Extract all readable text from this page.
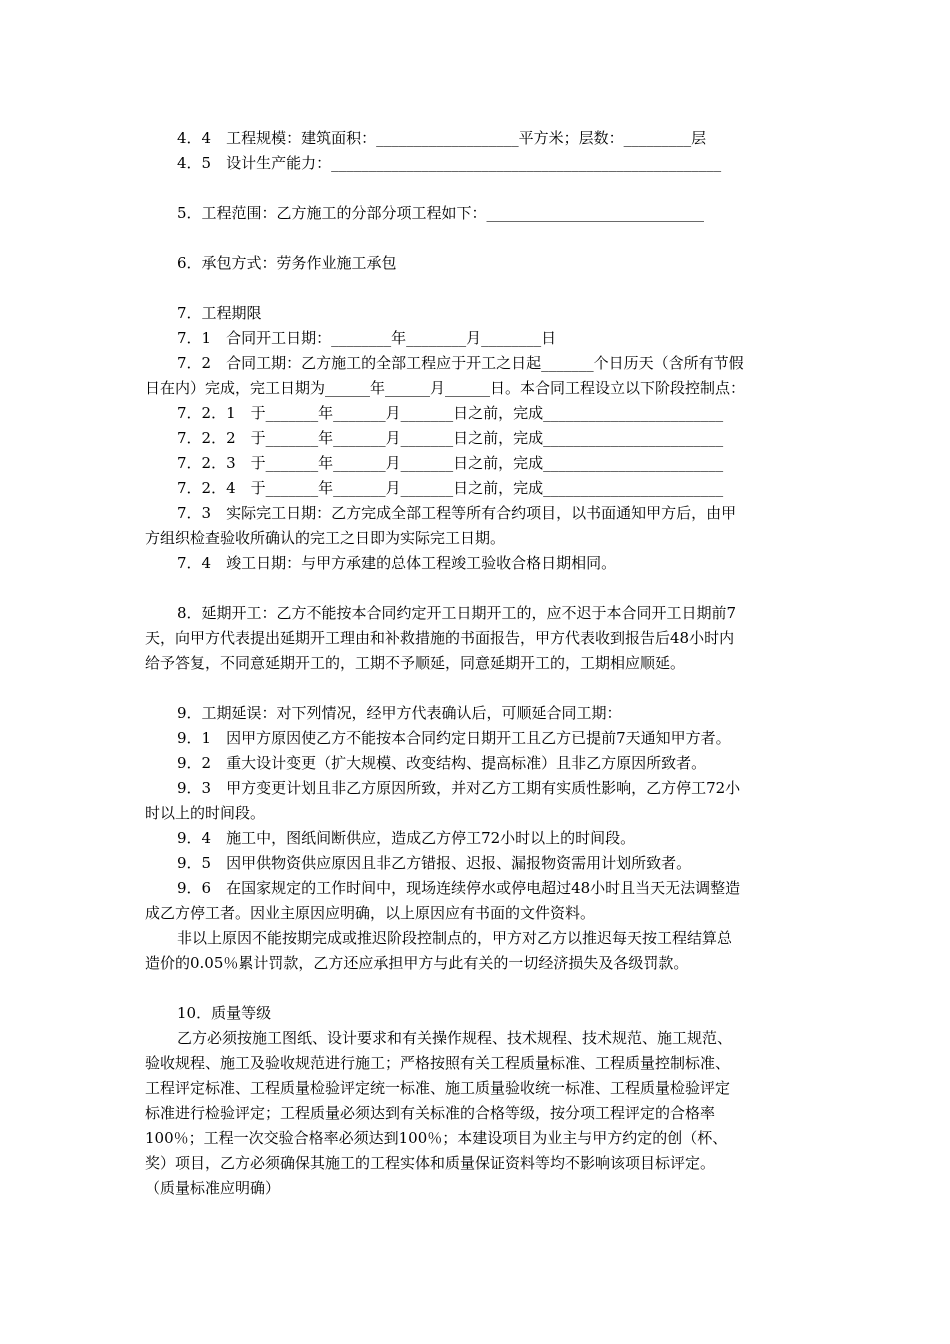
4．4　工程规模：建筑面积：___________________平方米；层数：_________层
4．5　设计生产能力：____________________________________________________
5．工程范围：乙方施工的分部分项工程如下：_____________________________
6．承包方式：劳务作业施工承包
7．工程期限
7．1　合同开工日期：________年________月________日
7．2　合同工期：乙方施工的全部工程应于开工之日起_______个日历天（含所有节假
日在内）完成，完工日期为______年______月______日。本合同工程设立以下阶段控制点：
7．2．1　于_______年_______月_______日之前，完成________________________
7．2．2　于_______年_______月_______日之前，完成________________________
7．2．3　于_______年_______月_______日之前，完成________________________
7．2．4　于_______年_______月_______日之前，完成________________________
7．3　实际完工日期：乙方完成全部工程等所有合约项目，以书面通知甲方后，由甲
方组织检查验收所确认的完工之日即为实际完工日期。
7．4　竣工日期：与甲方承建的总体工程竣工验收合格日期相同。
8．延期开工：乙方不能按本合同约定开工日期开工的，应不迟于本合同开工日期前7
天，向甲方代表提出延期开工理由和补救措施的书面报告，甲方代表收到报告后48小时内
给予答复，不同意延期开工的，工期不予顺延，同意延期开工的，工期相应顺延。
9．工期延误：对下列情况，经甲方代表确认后，可顺延合同工期：
9．1　因甲方原因使乙方不能按本合同约定日期开工且乙方已提前7天通知甲方者。
9．2　重大设计变更（扩大规模、改变结构、提高标准）且非乙方原因所致者。
9．3　甲方变更计划且非乙方原因所致，并对乙方工期有实质性影响，乙方停工72小
时以上的时间段。
9．4　施工中，图纸间断供应，造成乙方停工72小时以上的时间段。
9．5　因甲供物资供应原因且非乙方错报、迟报、漏报物资需用计划所致者。
9．6　在国家规定的工作时间中，现场连续停水或停电超过48小时且当天无法调整造
成乙方停工者。因业主原因应明确，以上原因应有书面的文件资料。
非以上原因不能按期完成或推迟阶段控制点的，甲方对乙方以推迟每天按工程结算总
造价的0.05％累计罚款，乙方还应承担甲方与此有关的一切经济损失及各级罚款。
10．质量等级
乙方必须按施工图纸、设计要求和有关操作规程、技术规程、技术规范、施工规范、
验收规程、施工及验收规范进行施工；严格按照有关工程质量标准、工程质量控制标准、
工程评定标准、工程质量检验评定统一标准、施工质量验收统一标准、工程质量检验评定
标准进行检验评定；工程质量必须达到有关标准的合格等级，按分项工程评定的合格率
100％；工程一次交验合格率必须达到100％；本建设项目为业主与甲方约定的创（杯、
奖）项目，乙方必须确保其施工的工程实体和质量保证资料等均不影响该项目标评定。
（质量标准应明确）
